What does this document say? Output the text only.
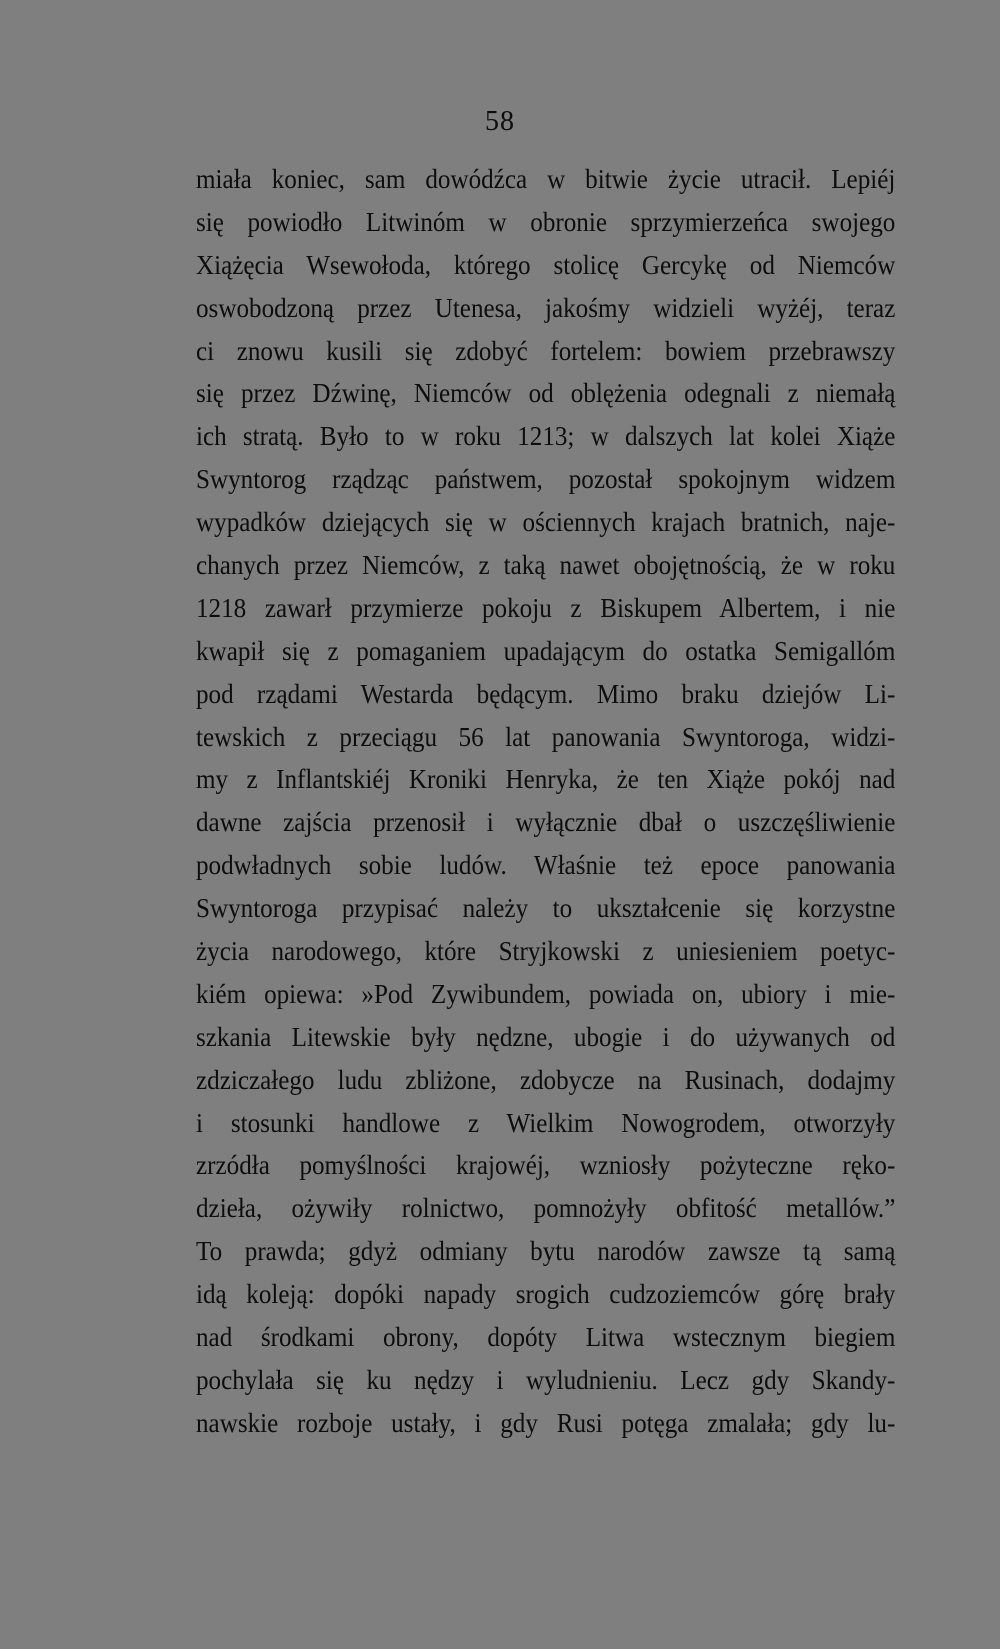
58
miała koniec, sam dowódźca w bitwie życie utracił. Lepiéj
się powiodło Litwinóm w obronie sprzymierzeńca swojego
Xiążęcia Wsewołoda, którego stolicę Gercykę od Niemców
oswobodzoną przez Utenesa, jakośmy widzieli wyżéj, teraz
ci znowu kusili się zdobyć fortelem: bowiem przebrawszy
się przez Dźwinę, Niemców od oblężenia odegnali z niemałą
ich stratą. Było to w roku 1213; w dalszych lat kolei Xiąże
Swyntorog rządząc państwem, pozostał spokojnym widzem
wypadków dziejących się w ościennych krajach bratnich, naje-
chanych przez Niemców, z taką nawet obojętnością, że w roku
1218 zawarł przymierze pokoju z Biskupem Albertem, i nie
kwapił się z pomaganiem upadającym do ostatka Semigallóm
pod rządami Westarda będącym. Mimo braku dziejów Li-
tewskich z przeciągu 56 lat panowania Swyntoroga, widzi-
my z Inflantskiéj Kroniki Henryka, że ten Xiąże pokój nad
dawne zajścia przenosił i wyłącznie dbał o uszczęśliwienie
podwładnych sobie ludów. Właśnie też epoce panowania
Swyntoroga przypisać należy to ukształcenie się korzystne
życia narodowego, które Stryjkowski z uniesieniem poetyc-
kiém opiewa: »Pod Zywibundem, powiada on, ubiory i mie-
szkania Litewskie były nędzne, ubogie i do używanych od
zdziczałego ludu zbliżone, zdobycze na Rusinach, dodajmy
i stosunki handlowe z Wielkim Nowogrodem, otworzyły
zrzódła pomyślności krajowéj, wzniosły pożyteczne ręko-
dzieła, ożywiły rolnictwo, pomnożyły obfitość metallów.”
To prawda; gdyż odmiany bytu narodów zawsze tą samą
idą koleją: dopóki napady srogich cudzoziemców górę brały
nad środkami obrony, dopóty Litwa wstecznym biegiem
pochylała się ku nędzy i wyludnieniu. Lecz gdy Skandy-
nawskie rozboje ustały, i gdy Rusi potęga zmalała; gdy lu-
